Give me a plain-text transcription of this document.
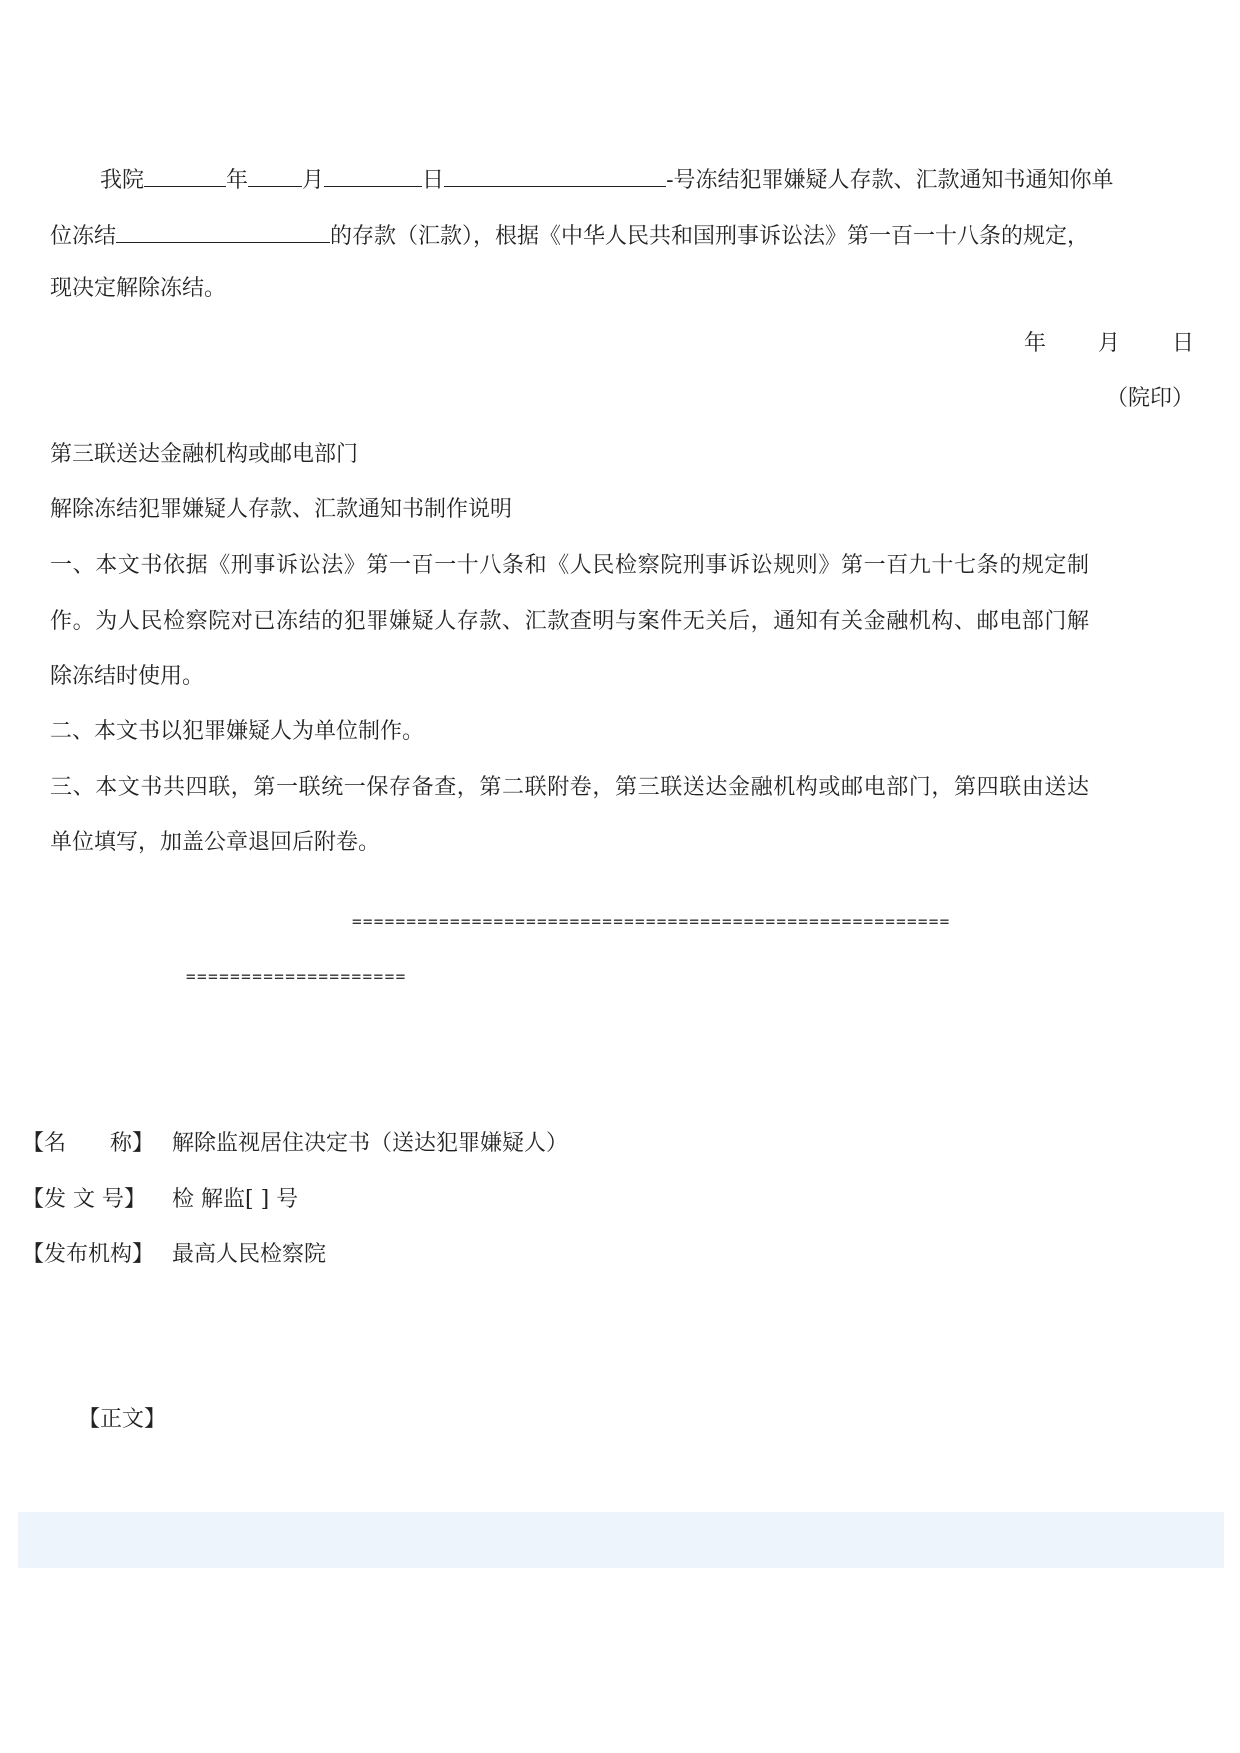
我院	年 月	日	-号冻结犯罪嫌疑人存款、汇款通知书通知你单
位冻结	的存款（汇款），根据《中华人民共和国刑事诉讼法》第一百一十八条的规定，
现决定解除冻结。
年 月 日
（院印）
第三联送达金融机构或邮电部门
解除冻结犯罪嫌疑人存款、汇款通知书制作说明
一、本文书依据《刑事诉讼法》第一百一十八条和《人民检察院刑事诉讼规则》第一百九十七条的规定制
作。为人民检察院对已冻结的犯罪嫌疑人存款、汇款查明与案件无关后，通知有关金融机构、邮电部门解
除冻结时使用。
二、本文书以犯罪嫌疑人为单位制作。
三、本文书共四联，第一联统一保存备查，第二联附卷，第三联送达金融机构或邮电部门，第四联由送达
单位填写，加盖公章退回后附卷。
=======================================================
====================
【名　　称】 解除监视居住决定书（送达犯罪嫌疑人）
【发 文 号】 检 解监[ ] 号
【发布机构】 最高人民检察院
【正文】
